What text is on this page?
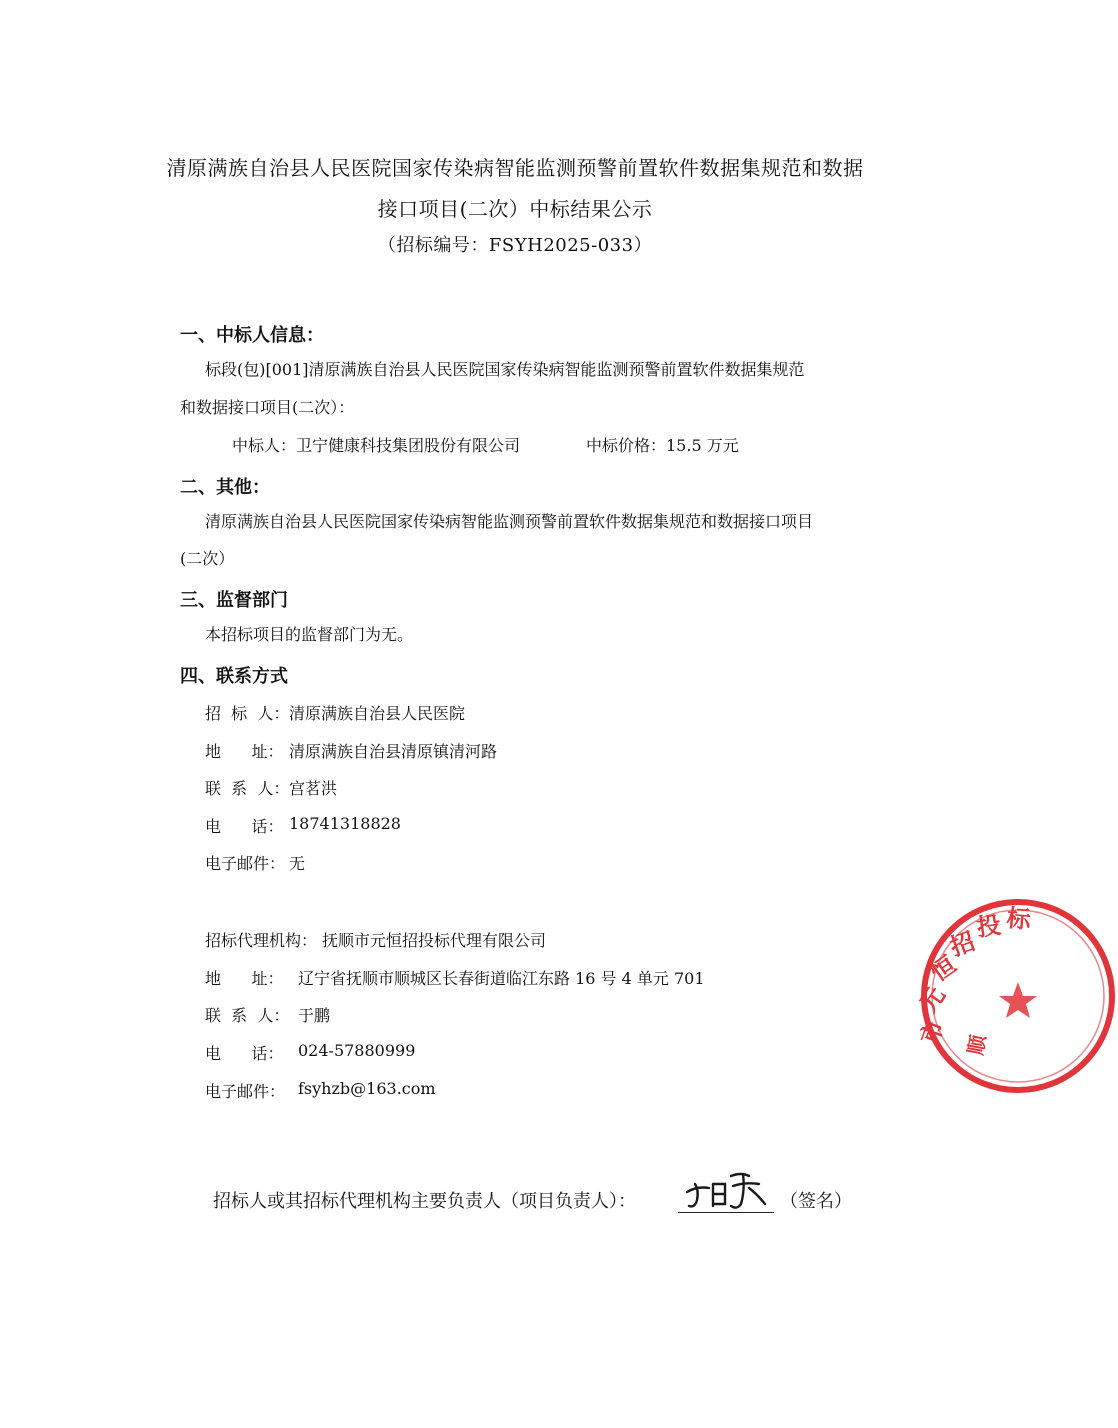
清原满族自治县人民医院国家传染病智能监测预警前置软件数据集规范和数据
接口项目(二次）中标结果公示
（招标编号：FSYH2025-033）
一、中标人信息：
标段(包)[001]清原满族自治县人民医院国家传染病智能监测预警前置软件数据集规范
和数据接口项目(二次）：
中标人：卫宁健康科技集团股份有限公司	中标价格：15.5 万元
二、其他：
清原满族自治县人民医院国家传染病智能监测预警前置软件数据集规范和数据接口项目
(二次）
三、监督部门
本招标项目的监督部门为无。
四、联系方式
招  标  人： 清原满族自治县人民医院
地      址： 清原满族自治县清原镇清河路
联  系  人： 宫茗洪
电      话： 18741318828
电子邮件： 无
招标代理机构： 抚顺市元恒招投标代理有限公司
地      址： 辽宁省抚顺市顺城区长春街道临江东路 16 号 4 单元 701
联  系  人： 于鹏
电      话： 024-57880999
电子邮件： fsyhzb@163.com
招标人或其招标代理机构主要负责人（项目负责人）：	（签名）
市
元
恒
招
投 标
顺
